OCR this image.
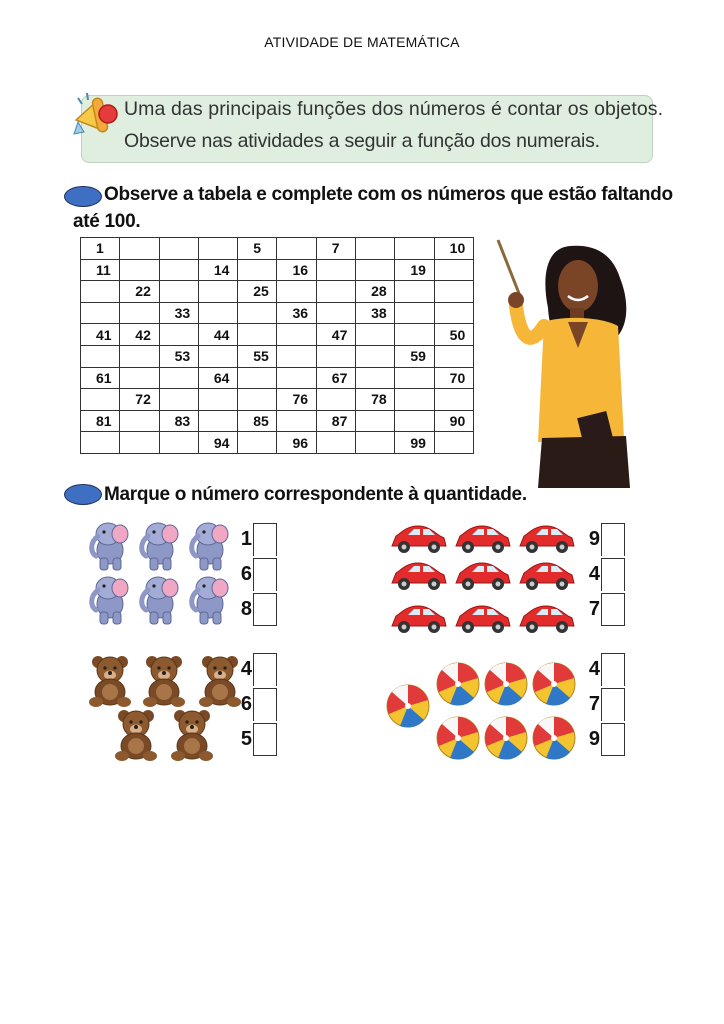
ATIVIDADE DE MATEMÁTICA
Uma das principais funções dos números é contar os objetos.
Observe nas atividades a seguir a função dos numerais.
Observe a tabela e complete com os números que estão faltando
até 100.
1				5		7			10
11			14		16			19	
	22			25			28		
		33			36		38		
41	42		44			47			50
		53		55				59	
61			64			67			70
	72				76		78		
81		83		85		87			90
			94		96			99	
Marque o número correspondente à quantidade.
1
6
8
9
4
7
4
6
5
4
7
9
